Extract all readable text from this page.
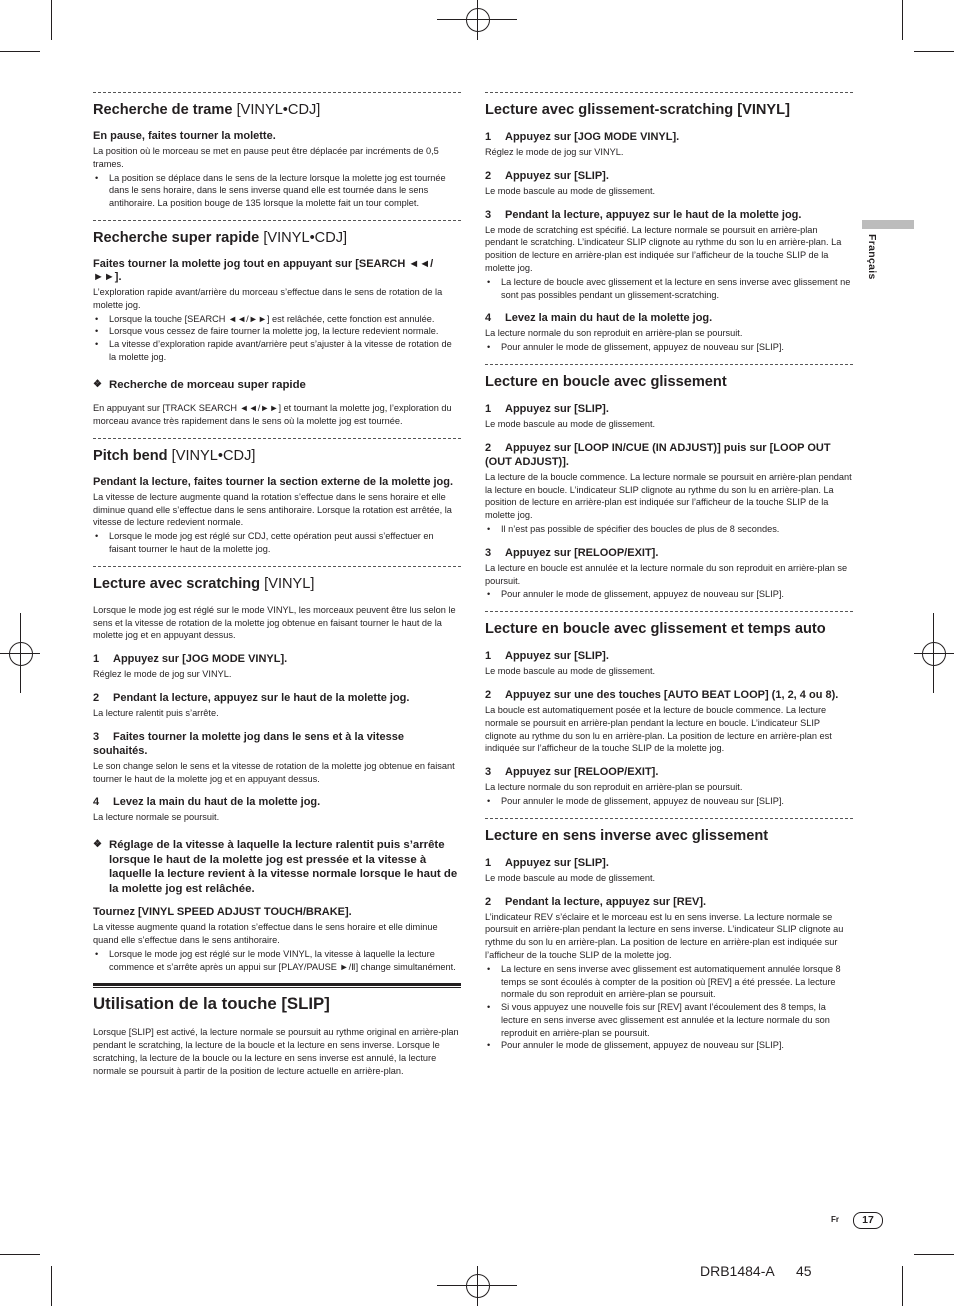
Recherche de trame [VINYL•CDJ]
En pause, faites tourner la molette.

La position où le morceau se met en pause peut être déplacée par incréments de 0,5 trames.

• La position se déplace dans le sens de la lecture lorsque la molette jog est tournée dans le sens horaire, dans le sens inverse quand elle est tournée dans le sens antihoraire. La position bouge de 135 lorsque la molette fait un tour complet.
Recherche super rapide [VINYL•CDJ]
Faites tourner la molette jog tout en appuyant sur [SEARCH ◄◄/►►].

L’exploration rapide avant/arrière du morceau s’effectue dans le sens de rotation de la molette jog.

• Lorsque la touche [SEARCH ◄◄/►►] est relâchée, cette fonction est annulée.
• Lorsque vous cessez de faire tourner la molette jog, la lecture redevient normale.
• La vitesse d’exploration rapide avant/arrière peut s’ajuster à la vitesse de rotation de la molette jog.
❖ Recherche de morceau super rapide

En appuyant sur [TRACK SEARCH ◄◄/►►] et tournant la molette jog, l’exploration du morceau avance très rapidement dans le sens où la molette jog est tournée.

Pitch bend [VINYL•CDJ]
Pendant la lecture, faites tourner la section externe de la molette jog.

La vitesse de lecture augmente quand la rotation s’effectue dans le sens horaire et elle diminue quand elle s’effectue dans le sens antihoraire. Lorsque la rotation est arrêtée, la vitesse de lecture redevient normale.

• Lorsque le mode jog est réglé sur CDJ, cette opération peut aussi s’effectuer en faisant tourner le haut de la molette jog.
Lecture avec scratching [VINYL]

Lorsque le mode jog est réglé sur le mode VINYL, les morceaux peuvent être lus selon le sens et la vitesse de rotation de la molette jog obtenue en faisant tourner le haut de la molette jog et en appuyant dessus.

1 Appuyez sur [JOG MODE VINYL].

Réglez le mode de jog sur VINYL.

2 Pendant la lecture, appuyez sur le haut de la molette jog.

La lecture ralentit puis s’arrête.

3 Faites tourner la molette jog dans le sens et à la vitesse souhaités.

Le son change selon le sens et la vitesse de rotation de la molette jog obtenue en faisant tourner le haut de la molette jog et en appuyant dessus.

4 Levez la main du haut de la molette jog.

La lecture normale se poursuit.

❖ Réglage de la vitesse à laquelle la lecture ralentit puis s’arrête lorsque le haut de la molette jog est pressée et la vitesse à laquelle la lecture revient à la vitesse normale lorsque le haut de la molette jog est relâchée.
Tournez [VINYL SPEED ADJUST TOUCH/BRAKE].

La vitesse augmente quand la rotation s’effectue dans le sens horaire et elle diminue quand elle s’effectue dans le sens antihoraire.

• Lorsque le mode jog est réglé sur le mode VINYL, la vitesse à laquelle la lecture commence et s’arrête après un appui sur [PLAY/PAUSE ►/Ⅱ] change simultanément.
Utilisation de la touche [SLIP]

Lorsque [SLIP] est activé, la lecture normale se poursuit au rythme original en arrière-plan pendant le scratching, la lecture de la boucle et la lecture en sens inverse. Lorsque le scratching, la lecture de la boucle ou la lecture en sens inverse est annulé, la lecture normale se poursuit à partir de la position de lecture actuelle en arrière-plan.

Lecture avec glissement-scratching [VINYL]
1 Appuyez sur [JOG MODE VINYL].

Réglez le mode de jog sur VINYL.

2 Appuyez sur [SLIP].

Le mode bascule au mode de glissement.

3 Pendant la lecture, appuyez sur le haut de la molette jog.

Le mode de scratching est spécifié. La lecture normale se poursuit en arrière-plan pendant le scratching. L’indicateur SLIP clignote au rythme du son lu en arrière-plan. La position de lecture en arrière-plan est indiquée sur l’afficheur de la touche SLIP de la molette jog.

• La lecture de boucle avec glissement et la lecture en sens inverse avec glissement ne sont pas possibles pendant un glissement-scratching.
4 Levez la main du haut de la molette jog.

La lecture normale du son reproduit en arrière-plan se poursuit.

• Pour annuler le mode de glissement, appuyez de nouveau sur [SLIP].
Lecture en boucle avec glissement
1 Appuyez sur [SLIP].

Le mode bascule au mode de glissement.

2 Appuyez sur [LOOP IN/CUE (IN ADJUST)] puis sur [LOOP OUT (OUT ADJUST)].

La lecture de la boucle commence. La lecture normale se poursuit en arrière-plan pendant la lecture en boucle. L’indicateur SLIP clignote au rythme du son lu en arrière-plan. La position de lecture en arrière-plan est indiquée sur l’afficheur de la touche SLIP de la molette jog.

• Il n’est pas possible de spécifier des boucles de plus de 8 secondes.
3 Appuyez sur [RELOOP/EXIT].

La lecture en boucle est annulée et la lecture normale du son reproduit en arrière-plan se poursuit.

• Pour annuler le mode de glissement, appuyez de nouveau sur [SLIP].
Lecture en boucle avec glissement et temps auto
1 Appuyez sur [SLIP].

Le mode bascule au mode de glissement.

2 Appuyez sur une des touches [AUTO BEAT LOOP] (1, 2, 4 ou 8).

La boucle est automatiquement posée et la lecture de boucle commence. La lecture normale se poursuit en arrière-plan pendant la lecture en boucle. L’indicateur SLIP clignote au rythme du son lu en arrière-plan. La position de lecture en arrière-plan est indiquée sur l’afficheur de la touche SLIP de la molette jog.

3 Appuyez sur [RELOOP/EXIT].

La lecture normale du son reproduit en arrière-plan se poursuit.

• Pour annuler le mode de glissement, appuyez de nouveau sur [SLIP].
Lecture en sens inverse avec glissement
1 Appuyez sur [SLIP].

Le mode bascule au mode de glissement.

2 Pendant la lecture, appuyez sur [REV].

L’indicateur REV s’éclaire et le morceau est lu en sens inverse. La lecture normale se poursuit en arrière-plan pendant la lecture en sens inverse. L’indicateur SLIP clignote au rythme du son lu en arrière-plan. La position de lecture en arrière-plan est indiquée sur l’afficheur de la touche SLIP de la molette jog.

• La lecture en sens inverse avec glissement est automatiquement annulée lorsque 8 temps se sont écoulés à compter de la position où [REV] a été pressée. La lecture normale du son reproduit en arrière-plan se poursuit.
• Si vous appuyez une nouvelle fois sur [REV] avant l’écoulement des 8 temps, la lecture en sens inverse avec glissement est annulée et la lecture normale du son reproduit en arrière-plan se poursuit.
• Pour annuler le mode de glissement, appuyez de nouveau sur [SLIP].
Français
Fr	17
DRB1484-A 45
